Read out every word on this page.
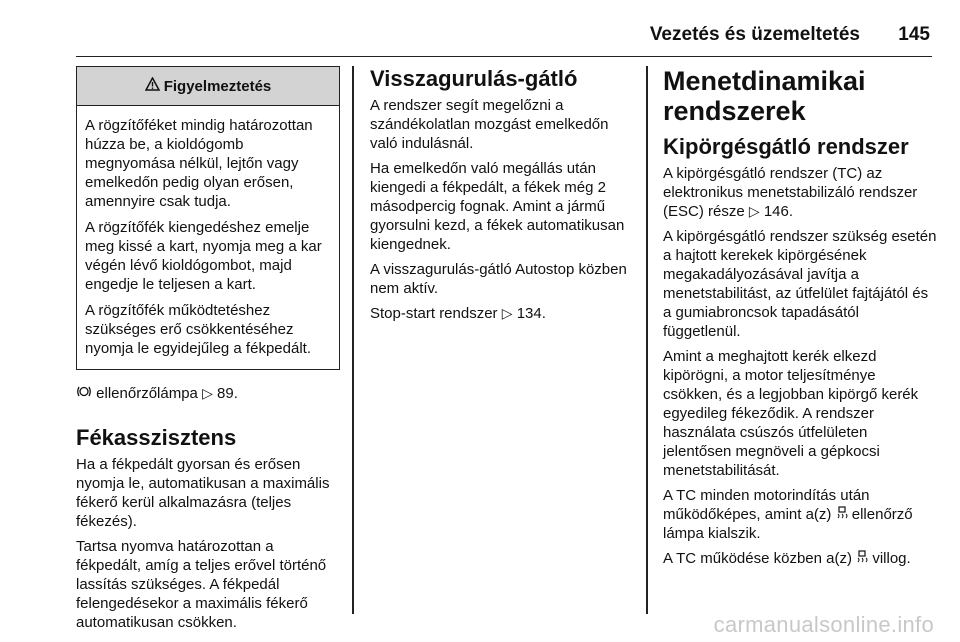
Vezetés és üzemeltetés 145
Figyelmeztetés

A rögzítőféket mindig határozottan húzza be, a kioldógomb megnyomása nélkül, lejtőn vagy emelkedőn pedig olyan erősen, amennyire csak tudja.

A rögzítőfék kiengedéshez emelje meg kissé a kart, nyomja meg a kar végén lévő kioldógombot, majd engedje le teljesen a kart.

A rögzítőfék működtetéshez szükséges erő csökkentéséhez nyomja le egyidejűleg a fékpedált.

ellenőrzőlámpa ▷ 89.

Fékasszisztens

Ha a fékpedált gyorsan és erősen nyomja le, automatikusan a maximális fékerő kerül alkalmazásra (teljes fékezés).

Tartsa nyomva határozottan a fékpedált, amíg a teljes erővel történő lassítás szükséges. A fékpedál felengedésekor a maximális fékerő automatikusan csökken.

Visszagurulás-gátló

A rendszer segít megelőzni a szándékolatlan mozgást emelkedőn való indulásnál.

Ha emelkedőn való megállás után kiengedi a fékpedált, a fékek még 2 másodpercig fognak. Amint a jármű gyorsulni kezd, a fékek automatikusan kiengednek.

A visszagurulás-gátló Autostop közben nem aktív.

Stop-start rendszer ▷ 134.

Menetdinamikai rendszerek
Kipörgésgátló rendszer

A kipörgésgátló rendszer (TC) az elektronikus menetstabilizáló rendszer (ESC) része ▷ 146.

A kipörgésgátló rendszer szükség esetén a hajtott kerekek kipörgésének megakadályozásával javítja a menetstabilitást, az útfelület fajtájától és a gumiabroncsok tapadásától függetlenül.

Amint a meghajtott kerék elkezd kipörögni, a motor teljesítménye csökken, és a legjobban kipörgő kerék egyedileg fékeződik. A rendszer használata csúszós útfelületen jelentősen megnöveli a gépkocsi menetstabilitását.

A TC minden motorindítás után működőképes, amint a(z) ellenőrző lámpa kialszik.

A TC működése közben a(z) villog.

carmanualsonline.info
